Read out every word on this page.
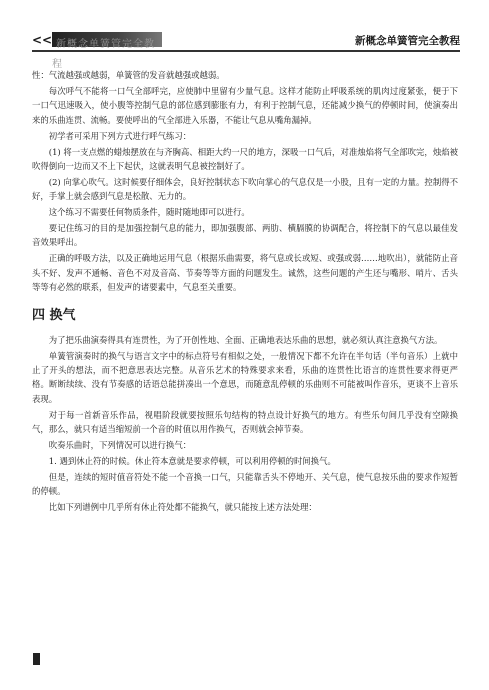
<< 新概念单簧管完全教程
新概念单簧管完全教程

性：气流越强或越弱，单簧管的发音就越强或越弱。

每次呼气不能将一口气全部呼完，应使肺中里留有少量气息。这样才能防止呼吸系统的肌肉过度紧张，便于下一口气迅速吸入，使小腹等控制气息的部位感到膨胀有力，有利于控制气息，还能减少换气的停顿时间，使演奏出来的乐曲连贯、流畅。要使呼出的气全部进入乐器，不能让气息从嘴角漏掉。

初学者可采用下列方式进行呼气练习：

(1) 将一支点燃的蜡烛摆放在与齐胸高、相距大约一尺的地方，深吸一口气后，对准烛焰将气全部吹完，烛焰被吹得倒向一边而又不上下起伏，这就表明气息被控制好了。

(2) 向掌心吹气。这时候要仔细体会，良好控制状态下吹向掌心的气息仅是一小股，且有一定的力量。控制得不好，手掌上就会感到气息是松散、无力的。

这个练习不需要任何物质条件，随时随地即可以进行。

要记住练习的目的是加强控制气息的能力，即加强腹部、两肋、横膈膜的协调配合，将控制下的气息以最佳发音效果呼出。

正确的呼吸方法，以及正确地运用气息（根据乐曲需要，将气息或长或短、或强或弱……地吹出），就能防止音头不好、发声不通畅、音色不对及音高、节奏等等方面的问题发生。诚然，这些问题的产生还与嘴形、哨片、舌头等等有必然的联系，但发声的诸要素中，气息至关重要。

四 换气

为了把乐曲演奏得具有连贯性，为了开创性地、全面、正确地表达乐曲的思想，就必须认真注意换气方法。

单簧管演奏时的换气与语言文字中的标点符号有相似之处，一般情况下都不允许在半句话（半句音乐）上就中止了开头的想法，而不把意思表达完整。从音乐艺术的特殊要求来看，乐曲的连贯性比语言的连贯性要求得更严格。断断续续、没有节奏感的话语总能拼凑出一个意思，而随意乱停顿的乐曲则不可能被叫作音乐，更谈不上音乐表现。

对于每一首新音乐作品，视唱阶段就要按照乐句结构的特点设计好换气的地方。有些乐句间几乎没有空隙换气，那么，就只有适当缩短前一个音的时值以用作换气，否则就会掉节奏。

吹奏乐曲时，下列情况可以进行换气：

1. 遇到休止符的时候。休止符本意就是要求停顿，可以利用停顿的时间换气。

但是，连续的短时值音符处不能一个音换一口气，只能靠舌头不停地开、关气息，使气息按乐曲的要求作短暂的停顿。

比如下列谱例中几乎所有休止符处都不能换气，就只能按上述方法处理：
